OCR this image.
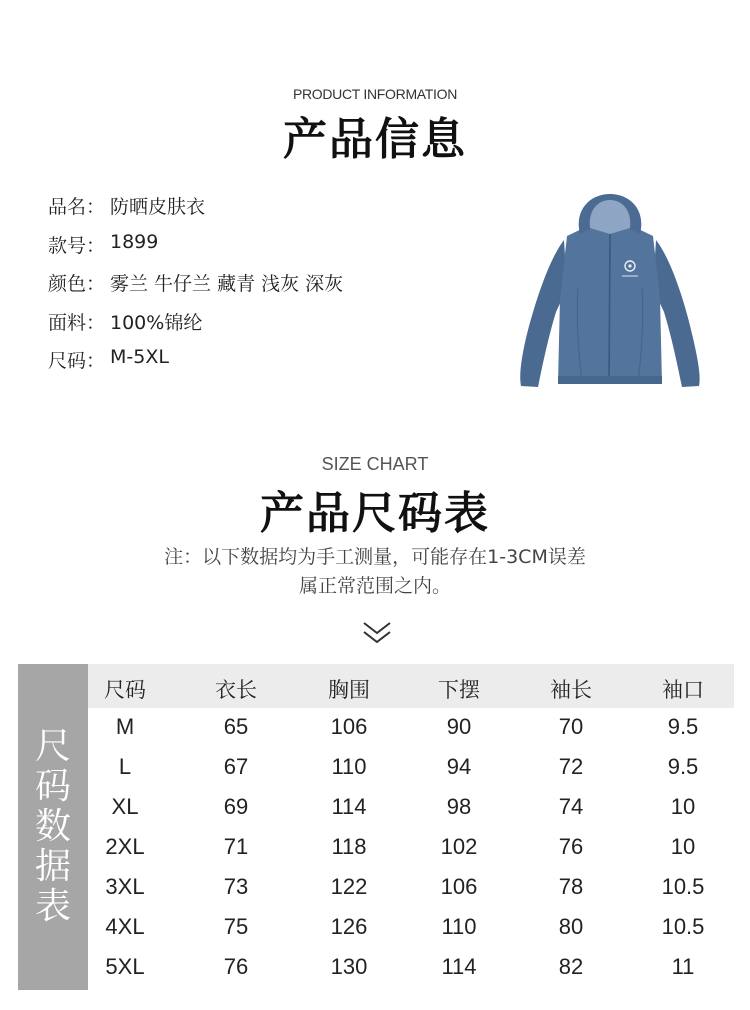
PRODUCT INFORMATION
产品信息
品名： 防晒皮肤衣
款号： 1899
颜色： 雾兰 牛仔兰 藏青 浅灰 深灰
面料： 100%锦纶
尺码： M-5XL
SIZE CHART
产品尺码表
注：以下数据均为手工测量，可能存在1-3CM误差
属正常范围之内。
尺
码
数
据
表
尺码	衣长	胸围	下摆	袖长	袖口
M	65	106	90	70	9.5
L	67	110	94	72	9.5
XL	69	114	98	74	10
2XL	71	118	102	76	10
3XL	73	122	106	78	10.5
4XL	75	126	110	80	10.5
5XL	76	130	114	82	11
